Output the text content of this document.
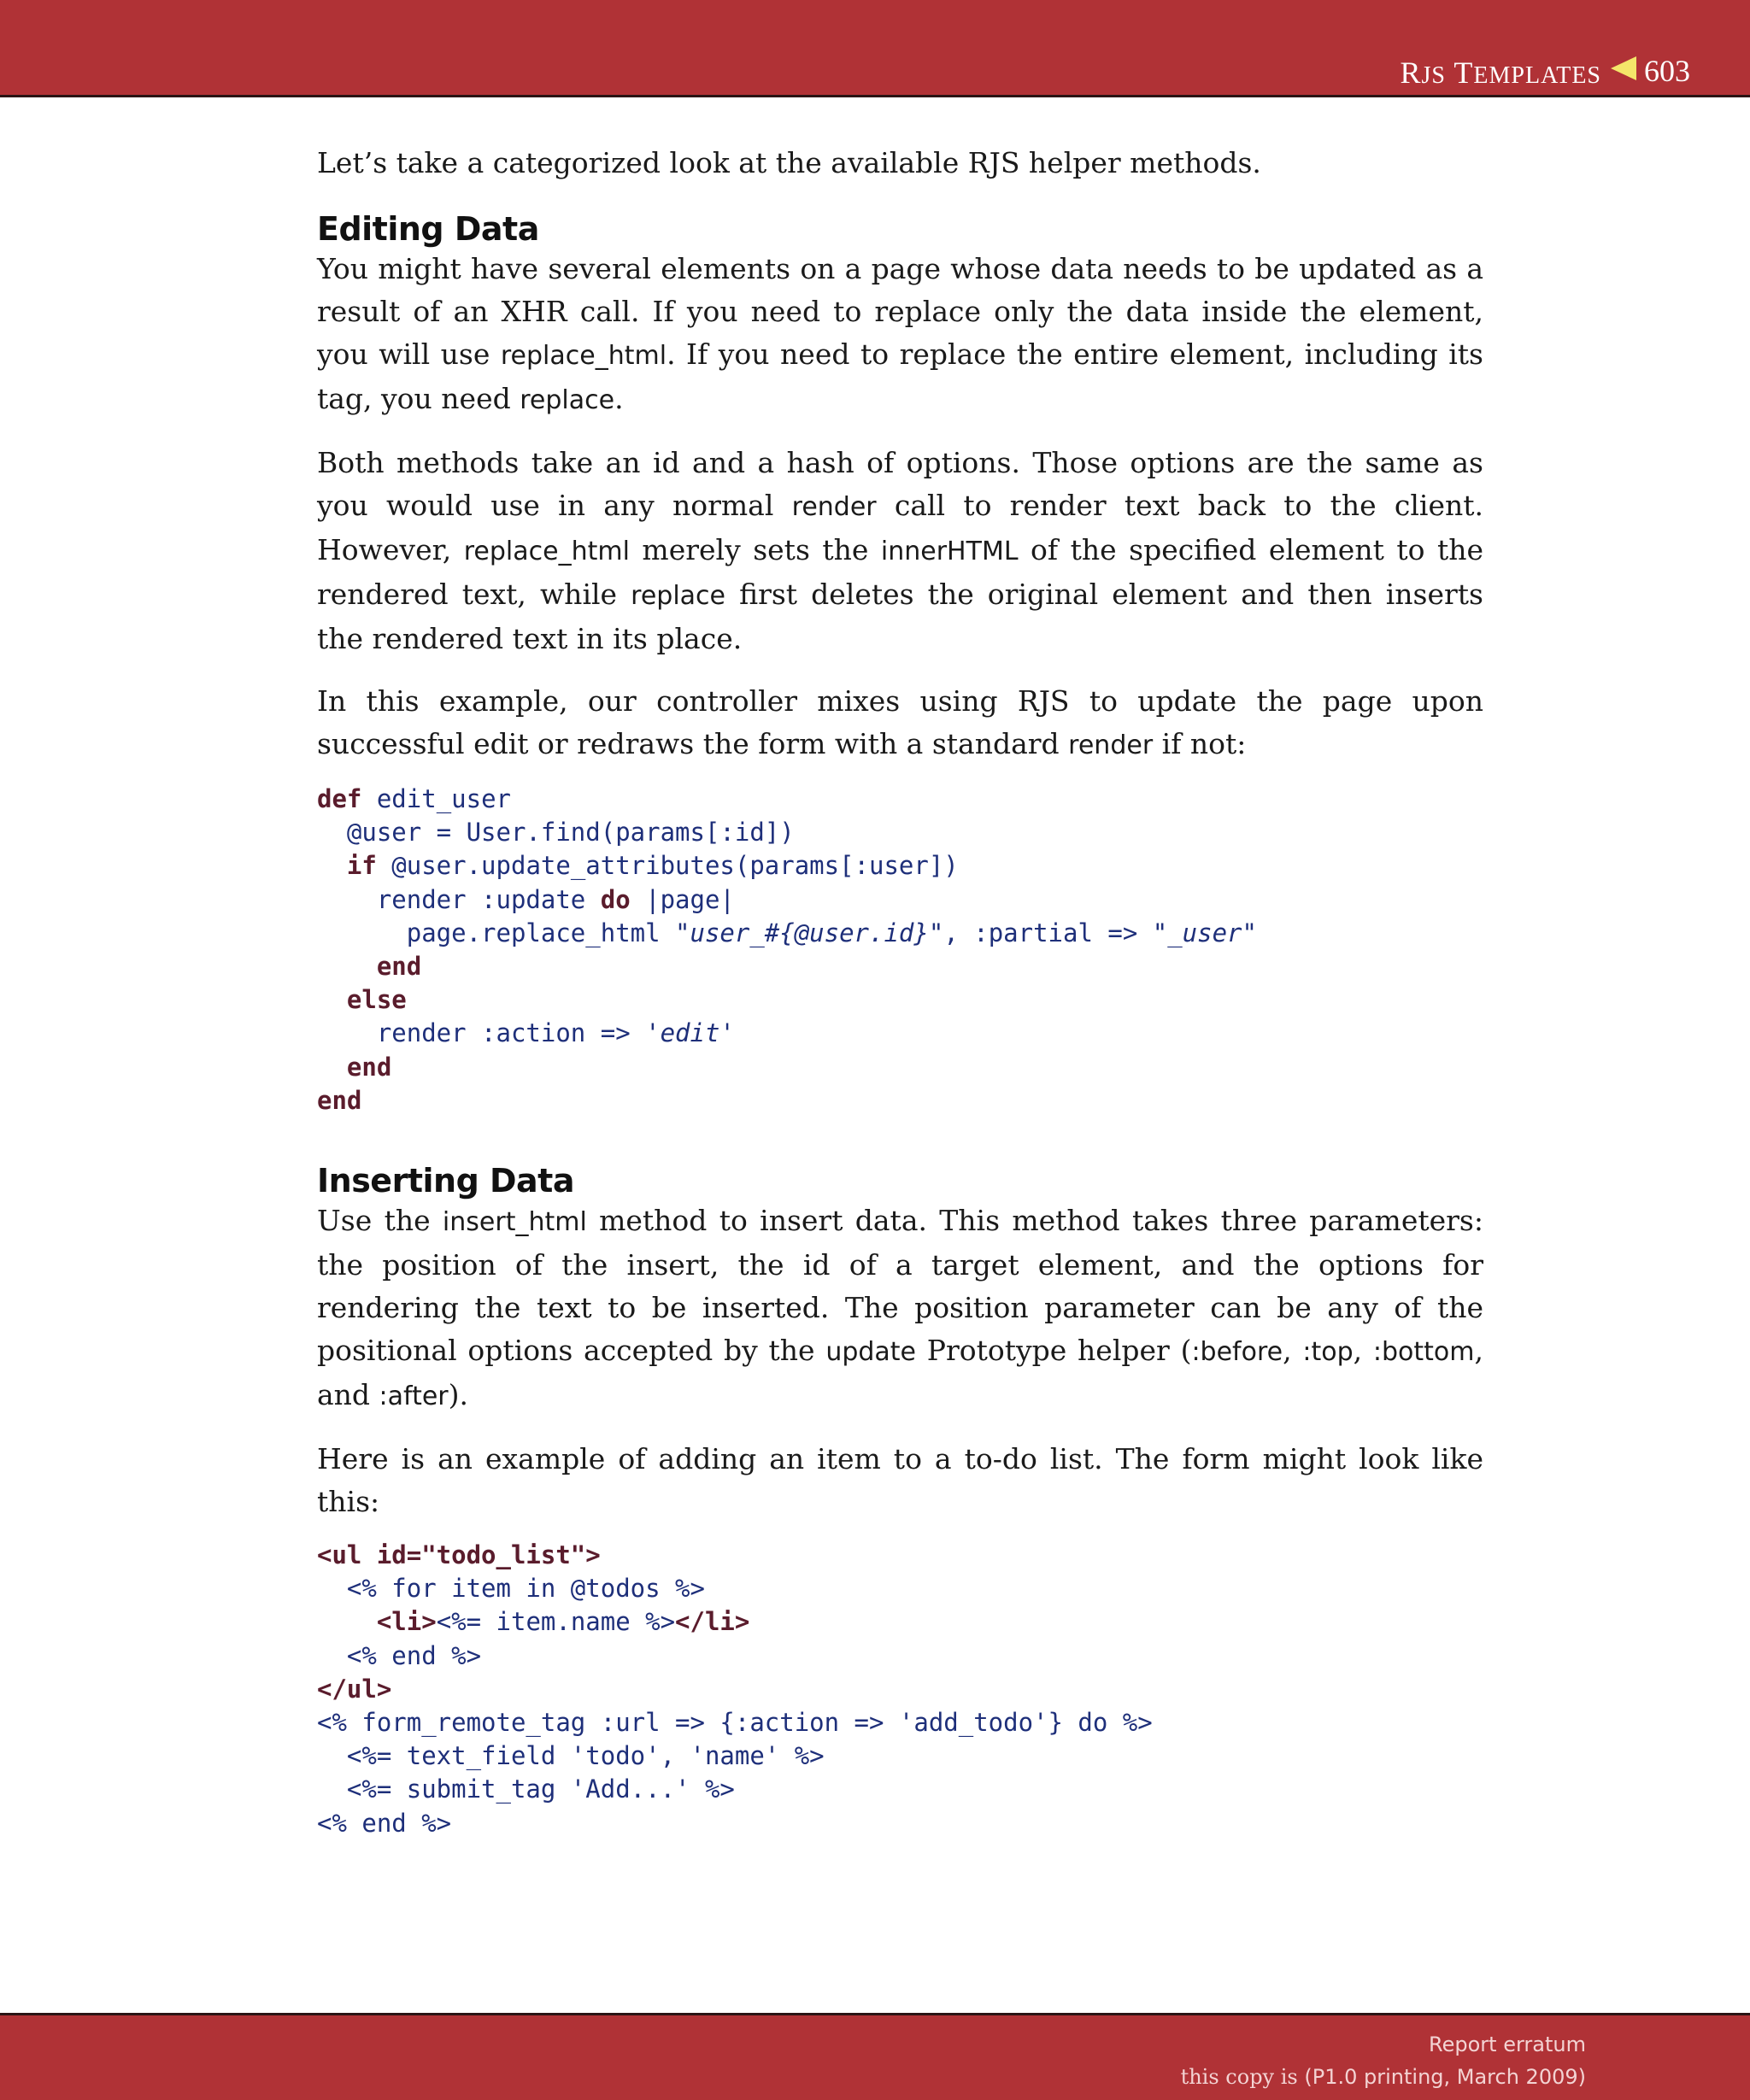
RJS TEMPLATES 603

Let’s take a categorized look at the available RJS helper methods.

Editing Data

You might have several elements on a page whose data needs to be updated as a result of an XHR call. If you need to replace only the data inside the element, you will use replace_html. If you need to replace the entire element, including its tag, you need replace.

Both methods take an id and a hash of options. Those options are the same as you would use in any normal render call to render text back to the client. However, replace_html merely sets the innerHTML of the specified element to the rendered text, while replace first deletes the original element and then inserts the rendered text in its place.

In this example, our controller mixes using RJS to update the page upon successful edit or redraws the form with a standard render if not:

def edit_user
@user = User.find(params[:id])
if @user.update_attributes(params[:user])
render :update do |page|
page.replace_html "user_#{@user.id}", :partial => "_user"
end
else
render :action => 'edit'
end
end
Inserting Data

Use the insert_html method to insert data. This method takes three parameters: the position of the insert, the id of a target element, and the options for rendering the text to be inserted. The position parameter can be any of the positional options accepted by the update Prototype helper (:before, :top, :bottom, and :after).

Here is an example of adding an item to a to-do list. The form might look like this:

<ul id="todo_list">
<% for item in @todos %>
<li><%= item.name %></li>
<% end %>
</ul>
<% form_remote_tag :url => {:action => 'add_todo'} do %>
<%= text_field 'todo', 'name' %>
<%= submit_tag 'Add...' %>
<% end %>
Report erratum
this copy is (P1.0 printing, March 2009)
